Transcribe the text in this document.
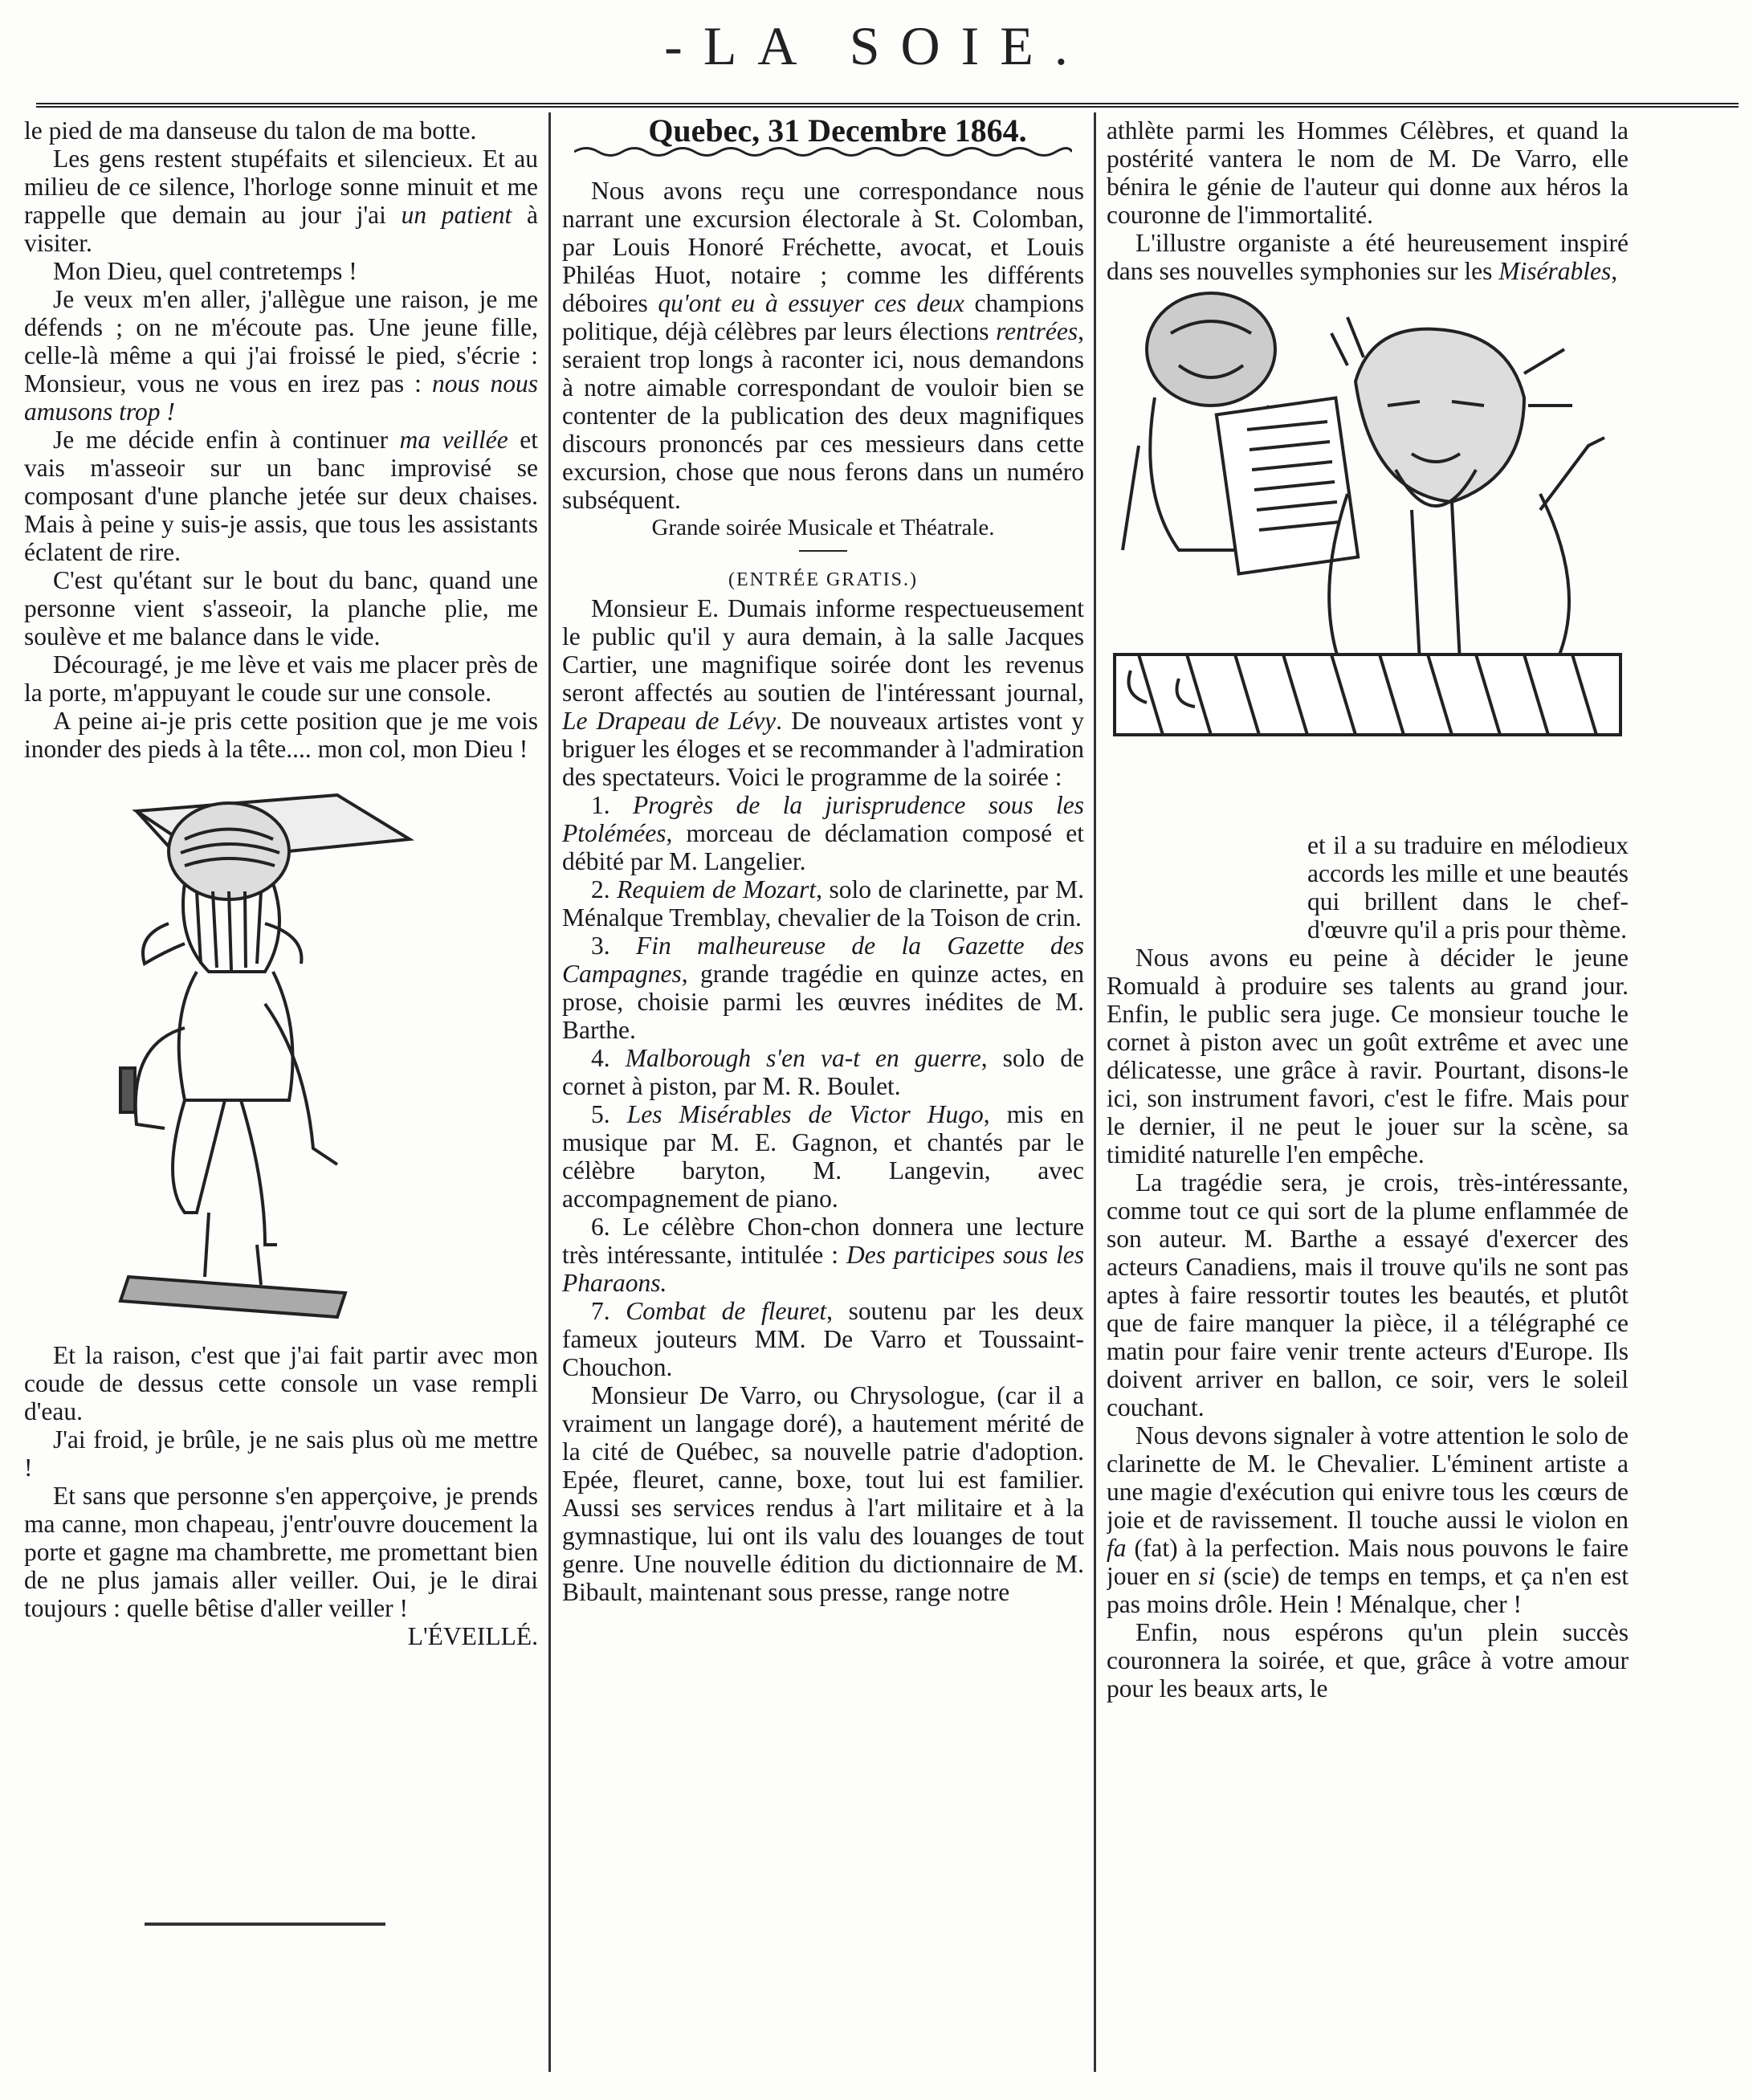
-LA SOIE.

le pied de ma danseuse du talon de ma botte.

Les gens restent stupéfaits et silencieux. Et au milieu de ce silence, l'horloge sonne minuit et me rappelle que demain au jour j'ai un patient à visiter.

Mon Dieu, quel contretemps !

Je veux m'en aller, j'allègue une raison, je me défends ; on ne m'écoute pas. Une jeune fille, celle-là même a qui j'ai froissé le pied, s'écrie : Monsieur, vous ne vous en irez pas : nous nous amusons trop !

Je me décide enfin à continuer ma veillée et vais m'asseoir sur un banc improvisé se composant d'une planche jetée sur deux chaises. Mais à peine y suis-je assis, que tous les assistants éclatent de rire.

C'est qu'étant sur le bout du banc, quand une personne vient s'asseoir, la planche plie, me soulève et me balance dans le vide.

Découragé, je me lève et vais me placer près de la porte, m'appuyant le coude sur une console.

A peine ai-je pris cette position que je me vois inonder des pieds à la tête.... mon col, mon Dieu !

Et la raison, c'est que j'ai fait partir avec mon coude de dessus cette console un vase rempli d'eau.

J'ai froid, je brûle, je ne sais plus où me mettre !

Et sans que personne s'en apperçoive, je prends ma canne, mon chapeau, j'entr'ouvre doucement la porte et gagne ma chambrette, me promettant bien de ne plus jamais aller veiller. Oui, je le dirai toujours : quelle bêtise d'aller veiller !

L'ÉVEILLÉ.

Quebec, 31 Decembre 1864.

Nous avons reçu une correspondance nous narrant une excursion électorale à St. Colomban, par Louis Honoré Fréchette, avocat, et Louis Philéas Huot, notaire ; comme les différents déboires qu'ont eu à essuyer ces deux champions politique, déjà célèbres par leurs élections rentrées, seraient trop longs à raconter ici, nous demandons à notre aimable correspondant de vouloir bien se contenter de la publication des deux magnifiques discours prononcés par ces messieurs dans cette excursion, chose que nous ferons dans un numéro subséquent.

Grande soirée Musicale et Théatrale.

(ENTRÉE GRATIS.)

Monsieur E. Dumais informe respectueusement le public qu'il y aura demain, à la salle Jacques Cartier, une magnifique soirée dont les revenus seront affectés au soutien de l'intéressant journal, Le Drapeau de Lévy. De nouveaux artistes vont y briguer les éloges et se recommander à l'admiration des spectateurs. Voici le programme de la soirée :

1. Progrès de la jurisprudence sous les Ptolémées, morceau de déclamation composé et débité par M. Langelier.

2. Requiem de Mozart, solo de clarinette, par M. Ménalque Tremblay, chevalier de la Toison de crin.

3. Fin malheureuse de la Gazette des Campagnes, grande tragédie en quinze actes, en prose, choisie parmi les œuvres inédites de M. Barthe.

4. Malborough s'en va-t en guerre, solo de cornet à piston, par M. R. Boulet.

5. Les Misérables de Victor Hugo, mis en musique par M. E. Gagnon, et chantés par le célèbre baryton, M. Langevin, avec accompagnement de piano.

6. Le célèbre Chon-chon donnera une lecture très intéressante, intitulée : Des participes sous les Pharaons.

7. Combat de fleuret, soutenu par les deux fameux jouteurs MM. De Varro et Toussaint-Chouchon.

Monsieur De Varro, ou Chrysologue, (car il a vraiment un langage doré), a hautement mérité de la cité de Québec, sa nouvelle patrie d'adoption. Epée, fleuret, canne, boxe, tout lui est familier. Aussi ses services rendus à l'art militaire et à la gymnastique, lui ont ils valu des louanges de tout genre. Une nouvelle édition du dictionnaire de M. Bibault, maintenant sous presse, range notre

athlète parmi les Hommes Célèbres, et quand la postérité vantera le nom de M. De Varro, elle bénira le génie de l'auteur qui donne aux héros la couronne de l'immortalité.

L'illustre organiste a été heureusement inspiré dans ses nouvelles symphonies sur les Misérables,

et il a su traduire en mélodieux accords les mille et une beautés qui brillent dans le chef-d'œuvre qu'il a pris pour thème.

Nous avons eu peine à décider le jeune Romuald à produire ses talents au grand jour. Enfin, le public sera juge. Ce monsieur touche le cornet à piston avec un goût extrême et avec une délicatesse, une grâce à ravir. Pourtant, disons-le ici, son instrument favori, c'est le fifre. Mais pour le dernier, il ne peut le jouer sur la scène, sa timidité naturelle l'en empêche.

La tragédie sera, je crois, très-intéressante, comme tout ce qui sort de la plume enflammée de son auteur. M. Barthe a essayé d'exercer des acteurs Canadiens, mais il trouve qu'ils ne sont pas aptes à faire ressortir toutes les beautés, et plutôt que de faire manquer la pièce, il a télégraphé ce matin pour faire venir trente acteurs d'Europe. Ils doivent arriver en ballon, ce soir, vers le soleil couchant.

Nous devons signaler à votre attention le solo de clarinette de M. le Chevalier. L'éminent artiste a une magie d'exécution qui enivre tous les cœurs de joie et de ravissement. Il touche aussi le violon en fa (fat) à la perfection. Mais nous pouvons le faire jouer en si (scie) de temps en temps, et ça n'en est pas moins drôle. Hein ! Ménalque, cher !

Enfin, nous espérons qu'un plein succès couronnera la soirée, et que, grâce à votre amour pour les beaux arts, le
